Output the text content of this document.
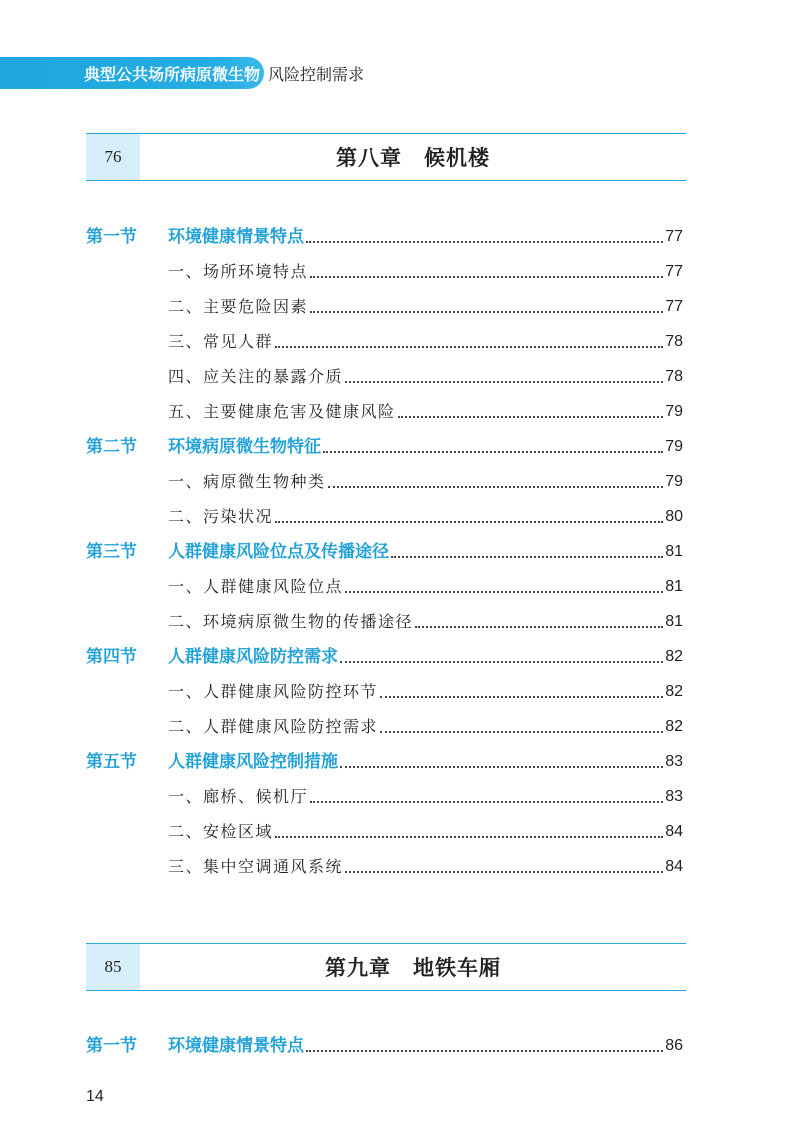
典型公共场所病原微生物 风险控制需求
76	第八章　候机楼
第一节	环境健康情景特点	77
一、场所环境特点	77
二、主要危险因素	77
三、常见人群	78
四、应关注的暴露介质	78
五、主要健康危害及健康风险	79
第二节	环境病原微生物特征	79
一、病原微生物种类	79
二、污染状况	80
第三节	人群健康风险位点及传播途径	81
一、人群健康风险位点	81
二、环境病原微生物的传播途径	81
第四节	人群健康风险防控需求	82
一、人群健康风险防控环节	82
二、人群健康风险防控需求	82
第五节	人群健康风险控制措施	83
一、廊桥、候机厅	83
二、安检区域	84
三、集中空调通风系统	84
85	第九章　地铁车厢
第一节	环境健康情景特点	86
14
